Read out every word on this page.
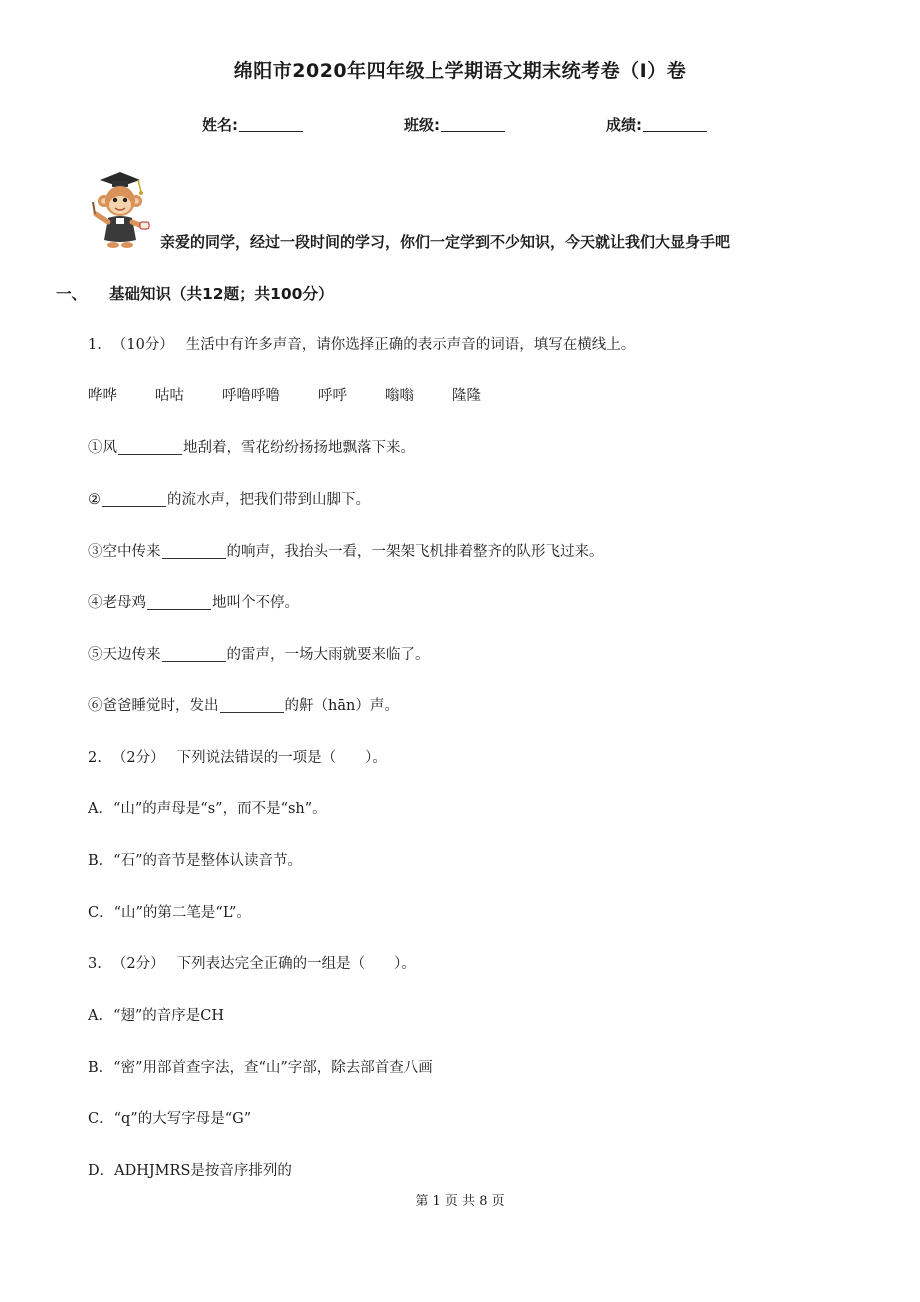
绵阳市2020年四年级上学期语文期末统考卷（I）卷
姓名:	班级:	成绩:
亲爱的同学，经过一段时间的学习，你们一定学到不少知识，今天就让我们大显身手吧
一、 基础知识（共12题；共100分）
1. （10分） 生活中有许多声音，请你选择正确的表示声音的词语，填写在横线上。
哗哗	咕咕	呼噜呼噜	呼呼	嗡嗡	隆隆
①风	地刮着，雪花纷纷扬扬地飘落下来。
②	的流水声，把我们带到山脚下。
③空中传来	的响声，我抬头一看，一架架飞机排着整齐的队形飞过来。
④老母鸡	地叫个不停。
⑤天边传来	的雷声，一场大雨就要来临了。
⑥爸爸睡觉时，发出	的鼾（hān）声。
2. （2分） 下列说法错误的一项是（　　）。
A．“山”的声母是“s”，而不是“sh”。
B．“石”的音节是整体认读音节。
C．“山”的第二笔是“L”。
3. （2分） 下列表达完全正确的一组是（　　）。
A．“翅”的音序是CH
B．“密”用部首查字法，查“山”字部，除去部首查八画
C．“q”的大写字母是“G”
D．ADHJMRS是按音序排列的
第 1 页 共 8 页
